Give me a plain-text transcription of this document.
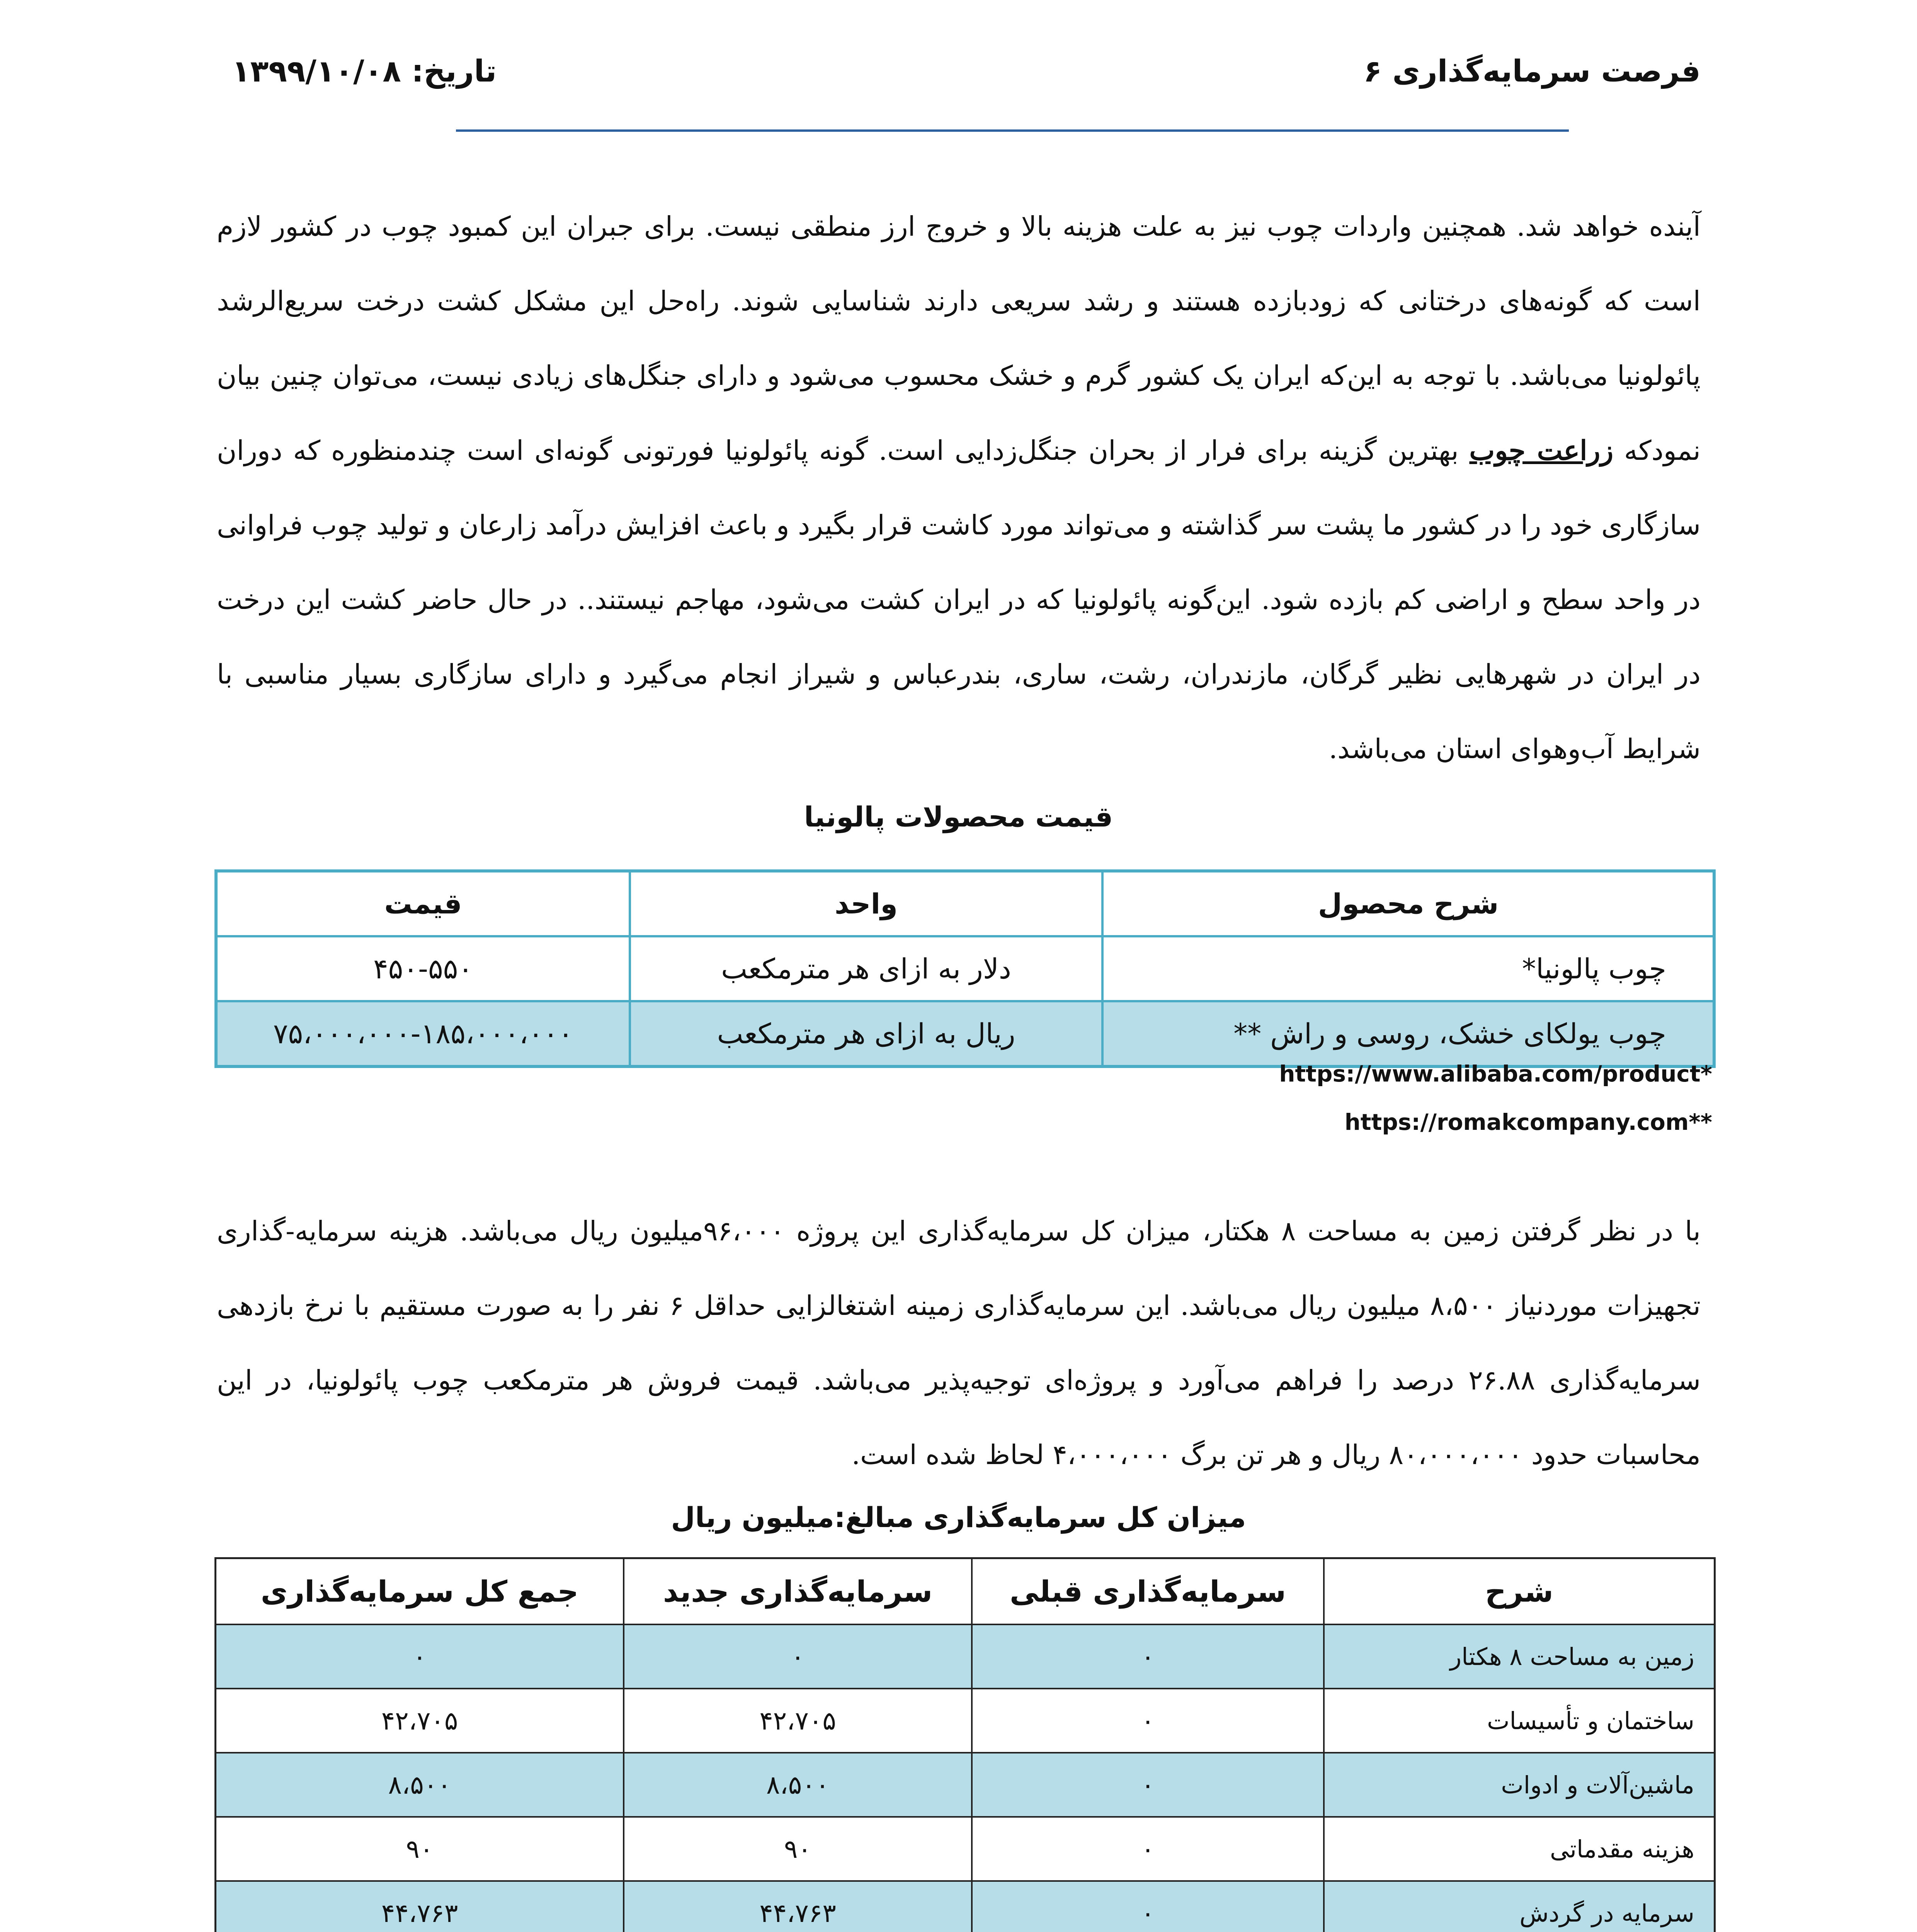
فرصت سرمایه‌گذاری ۶
تاریخ: ۱۳۹۹/۱۰/۰۸
آینده خواهد شد. همچنین واردات چوب نیز به علت هزینه بالا و خروج ارز منطقی نیست. برای جبران این کمبود چوب در کشور لازم است که گونه‌های درختانی که زودبازده هستند و رشد سریعی دارند شناسایی شوند. راه‌حل این مشکل کشت درخت سریع‌الرشد پائولونیا می‌باشد. با توجه به این‌که ایران یک کشور گرم و خشک محسوب می‌شود و دارای جنگل‌های زیادی نیست، می‌توان چنین بیان نمودکه زراعت چوب بهترین گزینه برای فرار از بحران جنگل‌زدایی است. گونه پائولونیا فورتونی گونه‌ای است چندمنظوره که دوران سازگاری خود را در کشور ما پشت سر گذاشته و می‌تواند مورد کاشت قرار بگیرد و باعث افزایش درآمد زارعان و تولید چوب فراوانی در واحد سطح و اراضی کم بازده شود. این‌گونه پائولونیا که در ایران کشت می‌شود، مهاجم نیستند.. در حال حاضر کشت این درخت در ایران در شهرهایی نظیر گرگان، مازندران، رشت، ساری، بندرعباس و شیراز انجام می‌گیرد و دارای سازگاری بسیار مناسبی با شرایط آب‌وهوای استان می‌باشد.
قیمت محصولات پالونیا
شرح محصول	واحد	قیمت
چوب پالونیا*	دلار به ازای هر مترمکعب	۴۵۰-۵۵۰
چوب یولکای خشک، روسی و راش **	ریال به ازای هر مترمکعب	۷۵،۰۰۰،۰۰۰-۱۸۵،۰۰۰،۰۰۰
https://www.alibaba.com/product*
https://romakcompany.com**
با در نظر گرفتن زمین به مساحت ۸ هکتار، میزان کل سرمایه‌گذاری این پروژه ۹۶،۰۰۰میلیون ریال می‌باشد. هزینه سرمایه-گذاری تجهیزات موردنیاز ۸،۵۰۰ میلیون ریال می‌باشد. این سرمایه‌گذاری زمینه اشتغالزایی حداقل ۶ نفر را به صورت مستقیم با نرخ بازدهی سرمایه‌گذاری ۲۶.۸۸ درصد را فراهم می‌آورد و پروژه‌ای توجیه‌پذیر می‌باشد. قیمت فروش هر مترمکعب چوب پائولونیا، در این محاسبات حدود ۸۰،۰۰۰،۰۰۰ ریال و هر تن برگ ۴،۰۰۰،۰۰۰ لحاظ شده است.
میزان کل سرمایه‌گذاری مبالغ:میلیون ریال
شرح	سرمایه‌گذاری قبلی	سرمایه‌گذاری جدید	جمع کل سرمایه‌گذاری
زمین به مساحت ۸ هکتار	۰	۰	۰
ساختمان و تأسیسات	۰	۴۲،۷۰۵	۴۲،۷۰۵
ماشین‌آلات و ادوات	۰	۸،۵۰۰	۸،۵۰۰
هزینه مقدماتی	۰	۹۰	۹۰
سرمایه در گردش	۰	۴۴،۷۶۳	۴۴،۷۶۳
